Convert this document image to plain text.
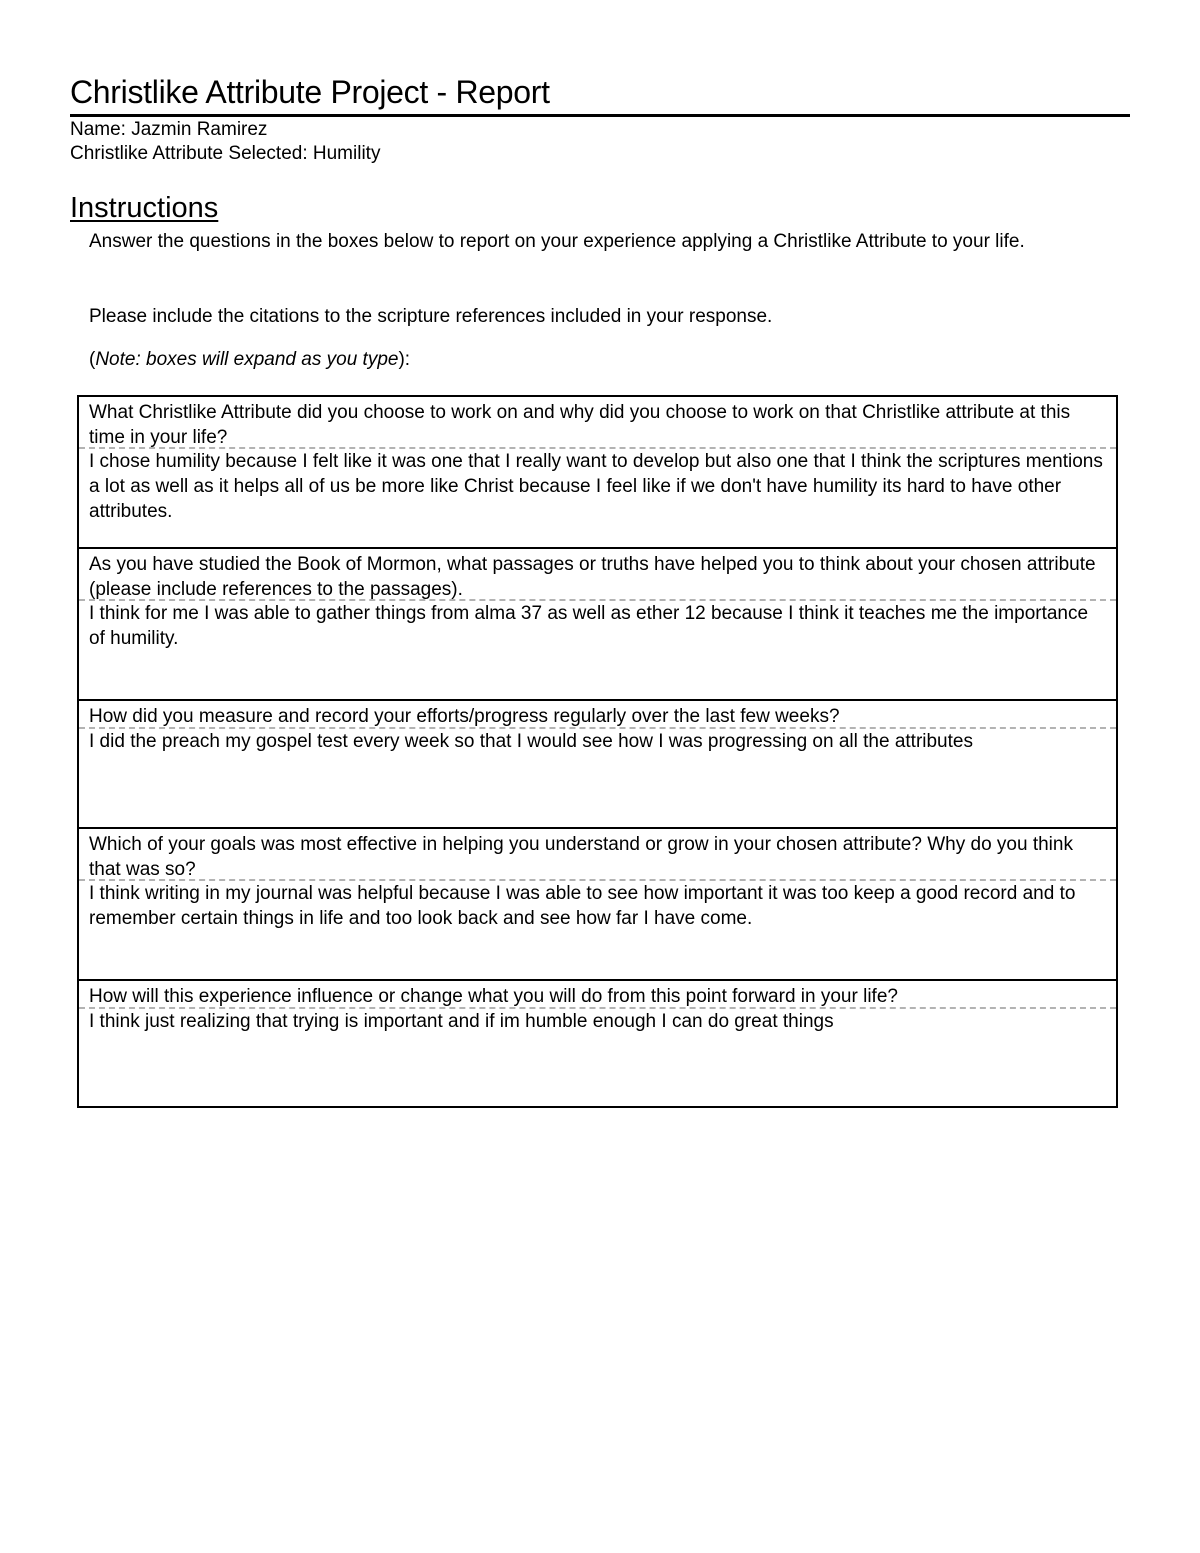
Christlike Attribute Project - Report
Name: Jazmin Ramirez
Christlike Attribute Selected: Humility
Instructions
Answer the questions in the boxes below to report on your experience applying a Christlike Attribute to your life.
Please include the citations to the scripture references included in your response.
(Note: boxes will expand as you type):
What Christlike Attribute did you choose to work on and why did you choose to work on that Christlike attribute at this time in your life?
I chose humility because I felt like it was one that I really want to develop but also one that I think the scriptures mentions a lot as well as it helps all of us be more like Christ because I feel like if we don't have humility its hard to have other attributes.
As you have studied the Book of Mormon, what passages or truths have helped you to think about your chosen attribute (please include references to the passages).
I think for me I was able to gather things from alma 37 as well as ether 12 because I think it teaches me the importance of humility.
How did you measure and record your efforts/progress regularly over the last few weeks?
I did the preach my gospel test every week so that I would see how I was progressing on all the attributes
Which of your goals was most effective in helping you understand or grow in your chosen attribute? Why do you think that was so?
I think writing in my journal was helpful because I was able to see how important it was too keep a good record and to remember certain things in life and too look back and see how far I have come.
How will this experience influence or change what you will do from this point forward in your life?
I think just realizing that trying is important and if im humble enough I can do great things
